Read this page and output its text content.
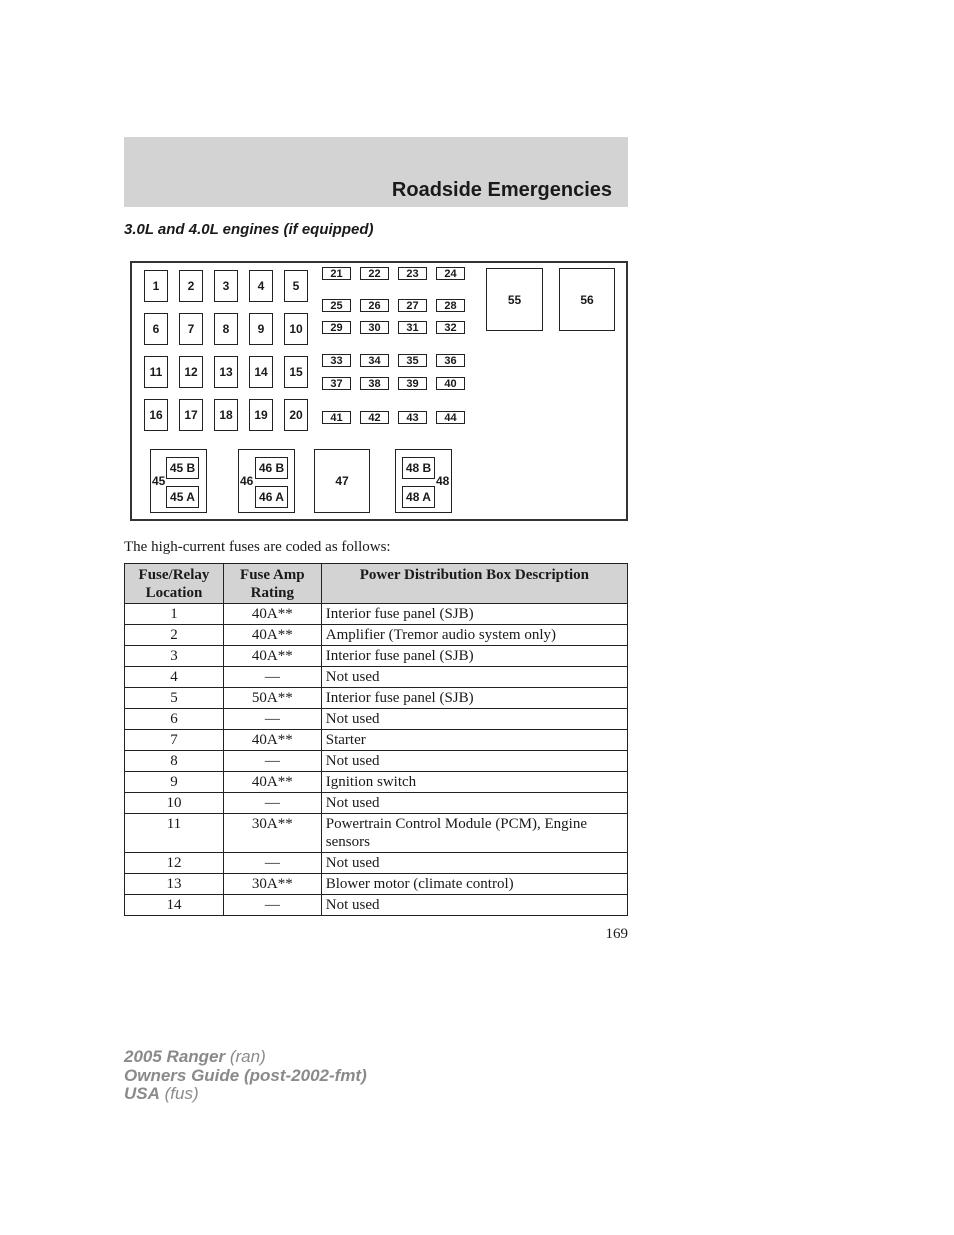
Roadside Emergencies
3.0L and 4.0L engines (if equipped)
1	2	3	4	5
6	7	8	9	10
11	12	13	14	15
16	17	18	19	20
21	22	23	24
25	26	27	28
29	30	31	32
33	34	35	36
37	38	39	40
41	42	43	44
55	56
45
45 B
45 A
46
46 B
46 A
47	48
48 B
48 A
The high-current fuses are coded as follows:
Fuse/Relay Location	Fuse Amp Rating	Power Distribution Box Description
1	40A**	Interior fuse panel (SJB)
2	40A**	Amplifier (Tremor audio system only)
3	40A**	Interior fuse panel (SJB)
4	—	Not used
5	50A**	Interior fuse panel (SJB)
6	—	Not used
7	40A**	Starter
8	—	Not used
9	40A**	Ignition switch
10	—	Not used
11	30A**	Powertrain Control Module (PCM), Engine sensors
12	—	Not used
13	30A**	Blower motor (climate control)
14	—	Not used
169
2005 Ranger (ran)
Owners Guide (post-2002-fmt)
USA (fus)
